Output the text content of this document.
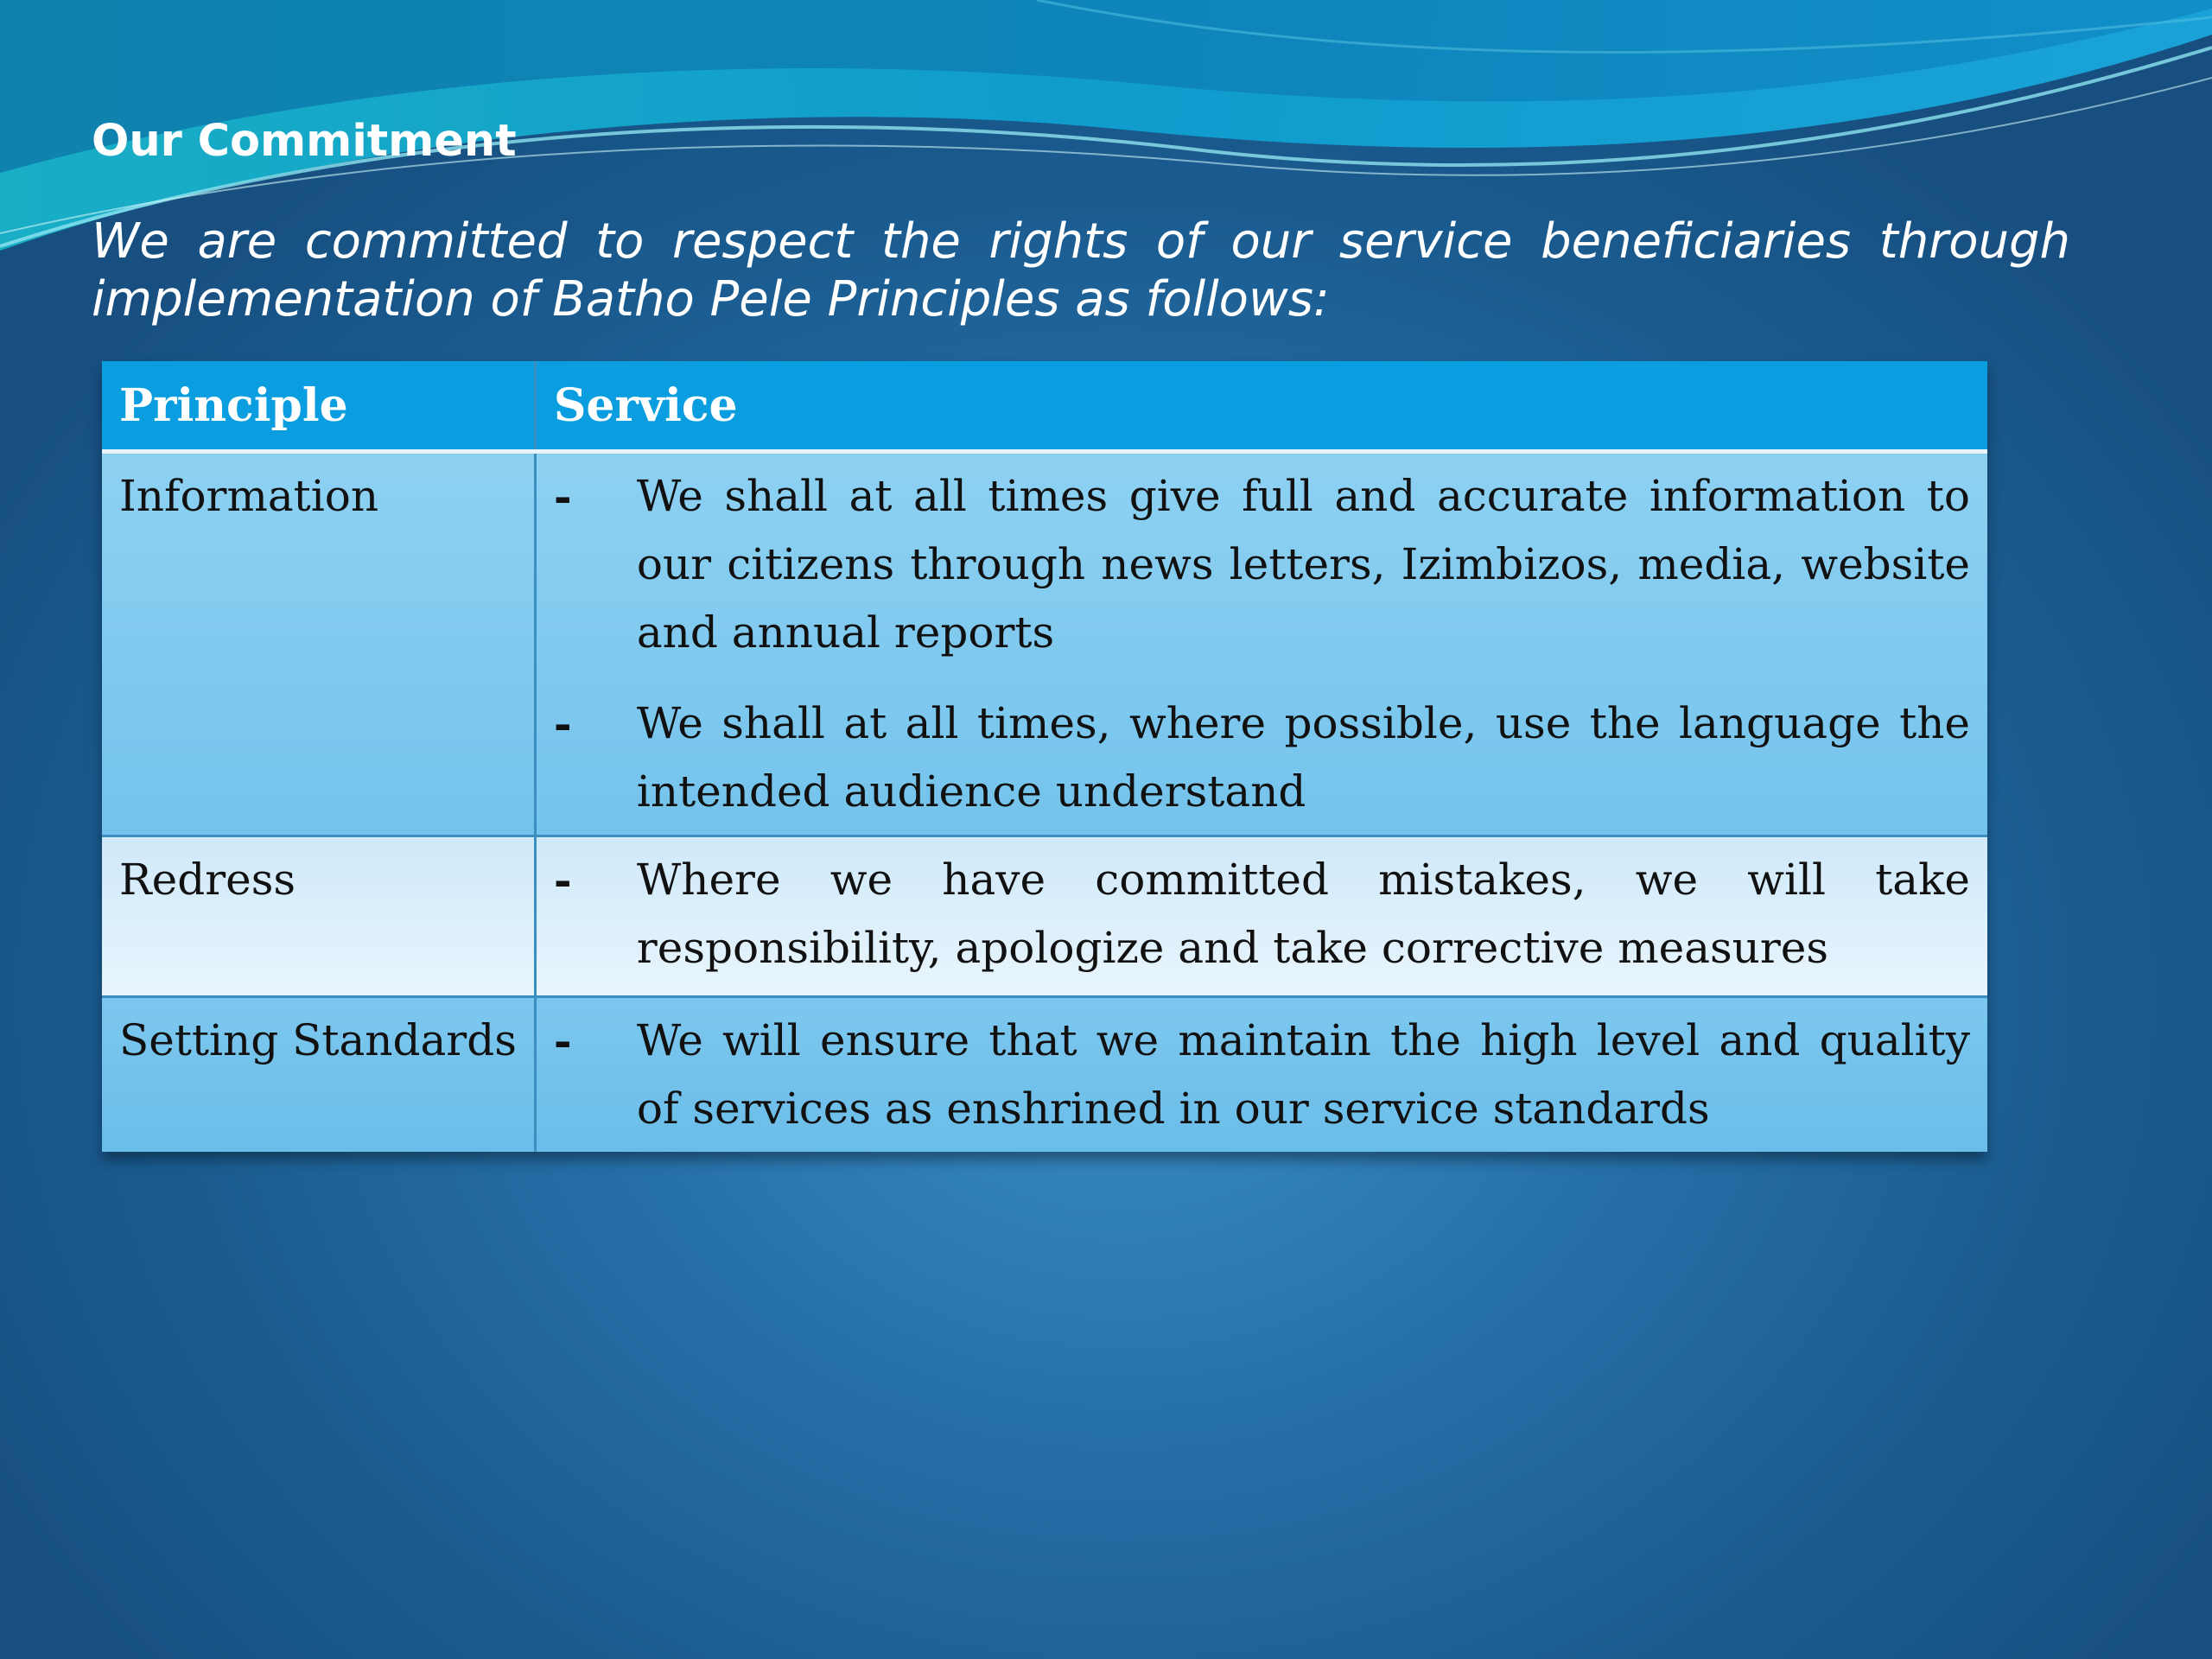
Our Commitment

We are committed to respect the rights of our service beneficiaries through implementation of Batho Pele Principles as follows:

Principle	Service
Information	- We shall at all times give full and accurate information to our citizens through news letters, Izimbizos, media, website and annual reports
- We shall at all times, where possible, use the language the intended audience understand

Redress	- Where we have committed mistakes, we will take responsibility, apologize and take corrective measures

Setting Standards	- We will ensure that we maintain the high level and quality of services as enshrined in our service standards
